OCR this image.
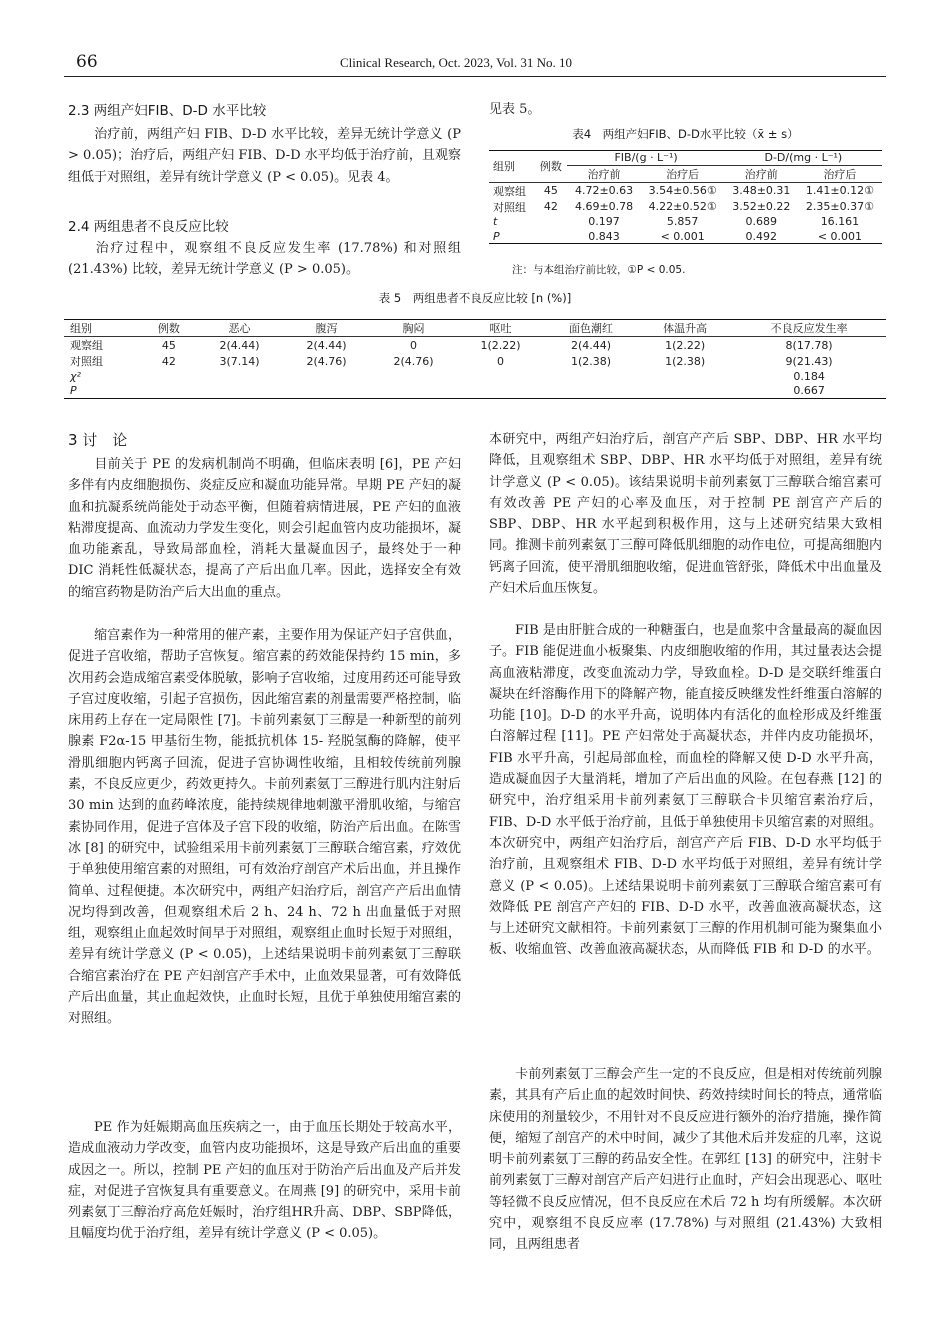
66	Clinical Research, Oct. 2023, Vol. 31 No. 10
2.3 两组产妇FIB、D-D 水平比较
治疗前，两组产妇 FIB、D-D 水平比较，差异无统计学意义 (P > 0.05)；治疗后，两组产妇 FIB、D-D 水平均低于治疗前，且观察组低于对照组，差异有统计学意义 (P < 0.05)。见表 4。
2.4 两组患者不良反应比较
治疗过程中，观察组不良反应发生率 (17.78%) 和对照组 (21.43%) 比较，差异无统计学意义 (P > 0.05)。
见表 5。
表4　两组产妇FIB、D-D水平比较（x̄ ± s）
组别	例数	FIB/(g · L⁻¹)		D-D/(mg · L⁻¹)	
		治疗前	治疗后	治疗前	治疗后
观察组	45	4.72±0.63	3.54±0.56①	3.48±0.31	1.41±0.12①
对照组	42	4.69±0.78	4.22±0.52①	3.52±0.22	2.35±0.37①
t		0.197	5.857	0.689	16.161
P		0.843	< 0.001	0.492	< 0.001
注：与本组治疗前比较，①P < 0.05.
表 5　两组患者不良反应比较 [n (%)]
组别	例数	恶心	腹泻	胸闷	呕吐	面色潮红	体温升高	不良反应发生率
观察组	45	2(4.44)	2(4.44)	0	1(2.22)	2(4.44)	1(2.22)	8(17.78)
对照组	42	3(7.14)	2(4.76)	2(4.76)	0	1(2.38)	1(2.38)	9(21.43)
χ²								0.184
P								0.667
3 讨　论
目前关于 PE 的发病机制尚不明确，但临床表明 [6]，PE 产妇多伴有内皮细胞损伤、炎症反应和凝血功能异常。早期 PE 产妇的凝血和抗凝系统尚能处于动态平衡，但随着病情进展，PE 产妇的血液粘滞度提高、血流动力学发生变化，则会引起血管内皮功能损坏，凝血功能紊乱，导致局部血栓，消耗大量凝血因子，最终处于一种 DIC 消耗性低凝状态，提高了产后出血几率。因此，选择安全有效的缩宫药物是防治产后大出血的重点。
缩宫素作为一种常用的催产素，主要作用为保证产妇子宫供血，促进子宫收缩，帮助子宫恢复。缩宫素的药效能保持约 15 min，多次用药会造成缩宫素受体脱敏，影响子宫收缩，过度用药还可能导致子宫过度收缩，引起子宫损伤，因此缩宫素的剂量需要严格控制，临床用药上存在一定局限性 [7]。卡前列素氨丁三醇是一种新型的前列腺素 F2α-15 甲基衍生物，能抵抗机体 15- 羟脱氢酶的降解，使平滑肌细胞内钙离子回流，促进子宫协调性收缩，且相较传统前列腺素，不良反应更少，药效更持久。卡前列素氨丁三醇进行肌内注射后 30 min 达到的血药峰浓度，能持续规律地刺激平滑肌收缩，与缩宫素协同作用，促进子宫体及子宫下段的收缩，防治产后出血。在陈雪冰 [8] 的研究中，试验组采用卡前列素氨丁三醇联合缩宫素，疗效优于单独使用缩宫素的对照组，可有效治疗剖宫产术后出血，并且操作简单、过程便捷。本次研究中，两组产妇治疗后，剖宫产产后出血情况均得到改善，但观察组术后 2 h、24 h、72 h 出血量低于对照组，观察组止血起效时间早于对照组，观察组止血时长短于对照组，差异有统计学意义 (P < 0.05)，上述结果说明卡前列素氨丁三醇联合缩宫素治疗在 PE 产妇剖宫产手术中，止血效果显著，可有效降低产后出血量，其止血起效快，止血时长短，且优于单独使用缩宫素的对照组。
PE 作为妊娠期高血压疾病之一，由于血压长期处于较高水平，造成血液动力学改变，血管内皮功能损坏，这是导致产后出血的重要成因之一。所以，控制 PE 产妇的血压对于防治产后出血及产后并发症，对促进子宫恢复具有重要意义。在周燕 [9] 的研究中，采用卡前列素氨丁三醇治疗高危妊娠时，治疗组HR升高、DBP、SBP降低，且幅度均优于治疗组，差异有统计学意义 (P < 0.05)。
本研究中，两组产妇治疗后，剖宫产产后 SBP、DBP、HR 水平均降低，且观察组术 SBP、DBP、HR 水平均低于对照组，差异有统计学意义 (P < 0.05)。该结果说明卡前列素氨丁三醇联合缩宫素可有效改善 PE 产妇的心率及血压，对于控制 PE 剖宫产产后的 SBP、DBP、HR 水平起到积极作用，这与上述研究结果大致相同。推测卡前列素氨丁三醇可降低肌细胞的动作电位，可提高细胞内钙离子回流，使平滑肌细胞收缩，促进血管舒张，降低术中出血量及产妇术后血压恢复。
FIB 是由肝脏合成的一种糖蛋白，也是血浆中含量最高的凝血因子。FIB 能促进血小板聚集、内皮细胞收缩的作用，其过量表达会提高血液粘滞度，改变血流动力学，导致血栓。D-D 是交联纤维蛋白凝块在纤溶酶作用下的降解产物，能直接反映继发性纤维蛋白溶解的功能 [10]。D-D 的水平升高，说明体内有活化的血栓形成及纤维蛋白溶解过程 [11]。PE 产妇常处于高凝状态，并伴内皮功能损坏，FIB 水平升高，引起局部血栓，而血栓的降解又使 D-D 水平升高，造成凝血因子大量消耗，增加了产后出血的风险。在包春燕 [12] 的研究中，治疗组采用卡前列素氨丁三醇联合卡贝缩宫素治疗后，FIB、D-D 水平低于治疗前，且低于单独使用卡贝缩宫素的对照组。本次研究中，两组产妇治疗后，剖宫产产后 FIB、D-D 水平均低于治疗前，且观察组术 FIB、D-D 水平均低于对照组，差异有统计学意义 (P < 0.05)。上述结果说明卡前列素氨丁三醇联合缩宫素可有效降低 PE 剖宫产产妇的 FIB、D-D 水平，改善血液高凝状态，这与上述研究文献相符。卡前列素氨丁三醇的作用机制可能为聚集血小板、收缩血管、改善血液高凝状态，从而降低 FIB 和 D-D 的水平。
卡前列素氨丁三醇会产生一定的不良反应，但是相对传统前列腺素，其具有产后止血的起效时间快、药效持续时间长的特点，通常临床使用的剂量较少，不用针对不良反应进行额外的治疗措施，操作简便，缩短了剖宫产的术中时间，减少了其他术后并发症的几率，这说明卡前列素氨丁三醇的药品安全性。在郭红 [13] 的研究中，注射卡前列素氨丁三醇对剖宫产后产妇进行止血时，产妇会出现恶心、呕吐等轻微不良反应情况，但不良反应在术后 72 h 均有所缓解。本次研究中，观察组不良反应率 (17.78%) 与对照组 (21.43%) 大致相同，且两组患者
